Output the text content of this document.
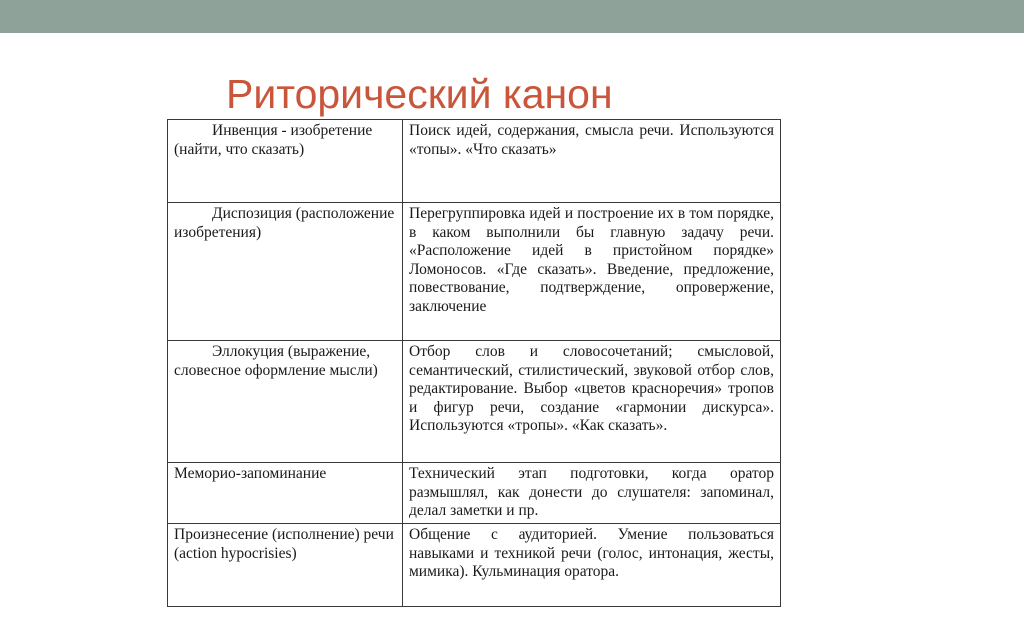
Риторический канон
Инвенция - изобретение (найти, что сказать)	Поиск идей, содержания, смысла речи. Используются «топы». «Что сказать»

Диспозиция (расположение изобретения)	Перегруппировка идей и построение их в том порядке, в каком выполнили бы главную задачу речи. «Расположение идей в пристойном порядке» Ломоносов. «Где сказать». Введение, предложение, повествование, подтверждение, опровержение, заключение

Эллокуция (выражение, словесное оформление мысли)	Отбор слов и словосочетаний; смысловой, семантический, стилистический, звуковой отбор слов, редактирование. Выбор «цветов красноречия» тропов и фигур речи, создание «гармонии дискурса». Используются «тропы». «Как сказать».
Меморио-запоминание	Технический этап подготовки, когда оратор размышлял, как донести до слушателя: запоминал, делал заметки и пр.
Произнесение (исполнение) речи (action hypocrisies)	Общение с аудиторией. Умение пользоваться навыками и техникой речи (голос, интонация, жесты, мимика). Кульминация оратора.
